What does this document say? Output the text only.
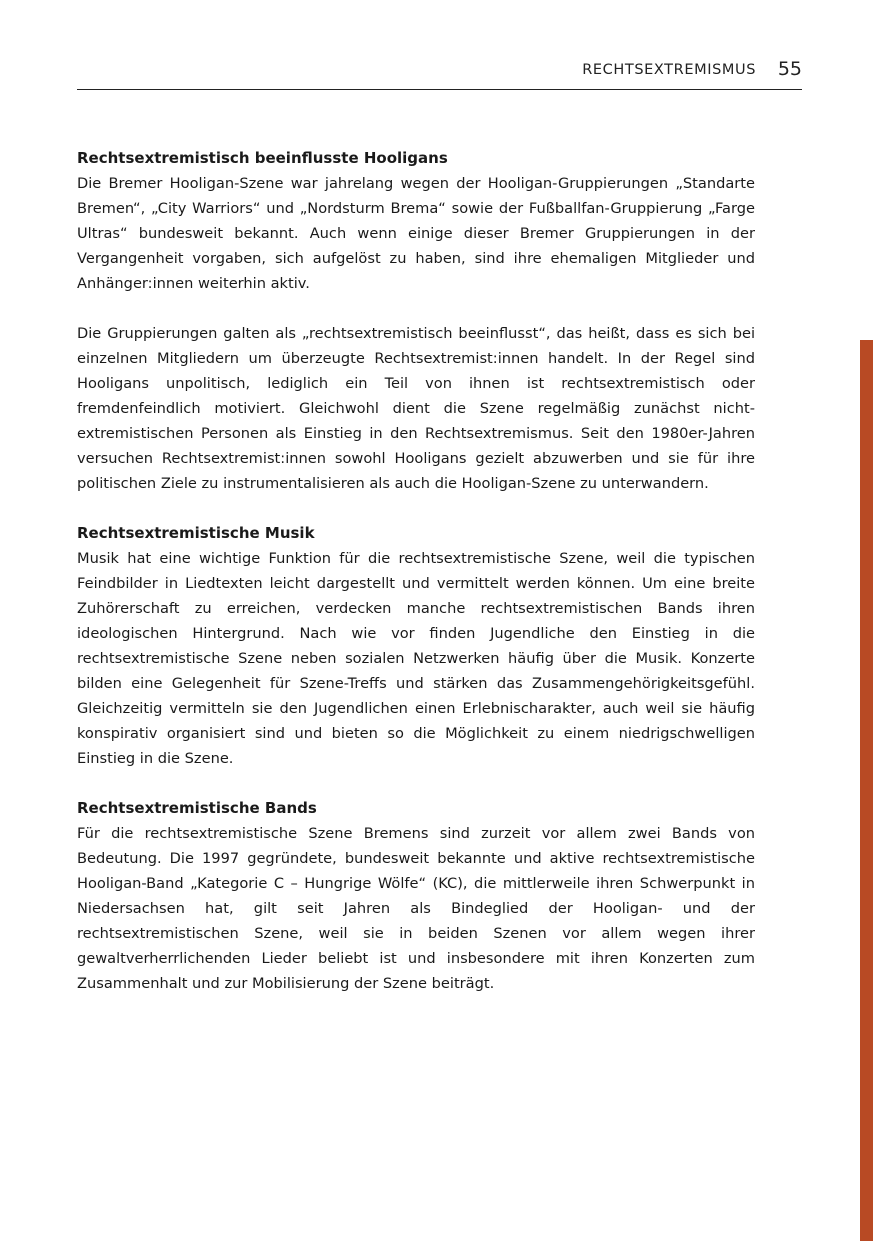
RECHTSEXTREMISMUS 55
Rechtsextremistisch beeinflusste Hooligans

Die Bremer Hooligan-Szene war jahrelang wegen der Hooligan-Gruppierungen „Standarte Bremen“, „City Warriors“ und „Nordsturm Brema“ sowie der Fußballfan-Gruppierung „Farge Ultras“ bundesweit bekannt. Auch wenn einige dieser Bremer Gruppierungen in der Vergangenheit vorgaben, sich aufgelöst zu haben, sind ihre ehemaligen Mitglieder und Anhänger:innen weiterhin aktiv.

Die Gruppierungen galten als „rechtsextremistisch beeinflusst“, das heißt, dass es sich bei einzelnen Mitgliedern um überzeugte Rechtsextremist:innen handelt. In der Regel sind Hooligans unpolitisch, lediglich ein Teil von ihnen ist rechtsextremistisch oder fremdenfeindlich motiviert. Gleichwohl dient die Szene regelmäßig zunächst nicht-extremistischen Personen als Einstieg in den Rechtsextremismus. Seit den 1980er-Jahren versuchen Rechtsextremist:innen sowohl Hooligans gezielt abzuwerben und sie für ihre politischen Ziele zu instrumentalisieren als auch die Hooligan-Szene zu unterwandern.

Rechtsextremistische Musik

Musik hat eine wichtige Funktion für die rechtsextremistische Szene, weil die typischen Feindbilder in Liedtexten leicht dargestellt und vermittelt werden können. Um eine breite Zuhörerschaft zu erreichen, verdecken manche rechtsextremistischen Bands ihren ideologischen Hintergrund. Nach wie vor finden Jugendliche den Einstieg in die rechtsextremistische Szene neben sozialen Netzwerken häufig über die Musik. Konzerte bilden eine Gelegenheit für Szene-Treffs und stärken das Zusammengehörigkeitsgefühl. Gleichzeitig vermitteln sie den Jugendlichen einen Erlebnischarakter, auch weil sie häufig konspirativ organisiert sind und bieten so die Möglichkeit zu einem niedrigschwelligen Einstieg in die Szene.

Rechtsextremistische Bands

Für die rechtsextremistische Szene Bremens sind zurzeit vor allem zwei Bands von Bedeutung. Die 1997 gegründete, bundesweit bekannte und aktive rechtsextremistische Hooligan-Band „Kategorie C – Hungrige Wölfe“ (KC), die mittlerweile ihren Schwerpunkt in Niedersachsen hat, gilt seit Jahren als Bindeglied der Hooligan- und der rechtsextremistischen Szene, weil sie in beiden Szenen vor allem wegen ihrer gewaltverherrlichenden Lieder beliebt ist und insbesondere mit ihren Konzerten zum Zusammenhalt und zur Mobilisierung der Szene beiträgt.
